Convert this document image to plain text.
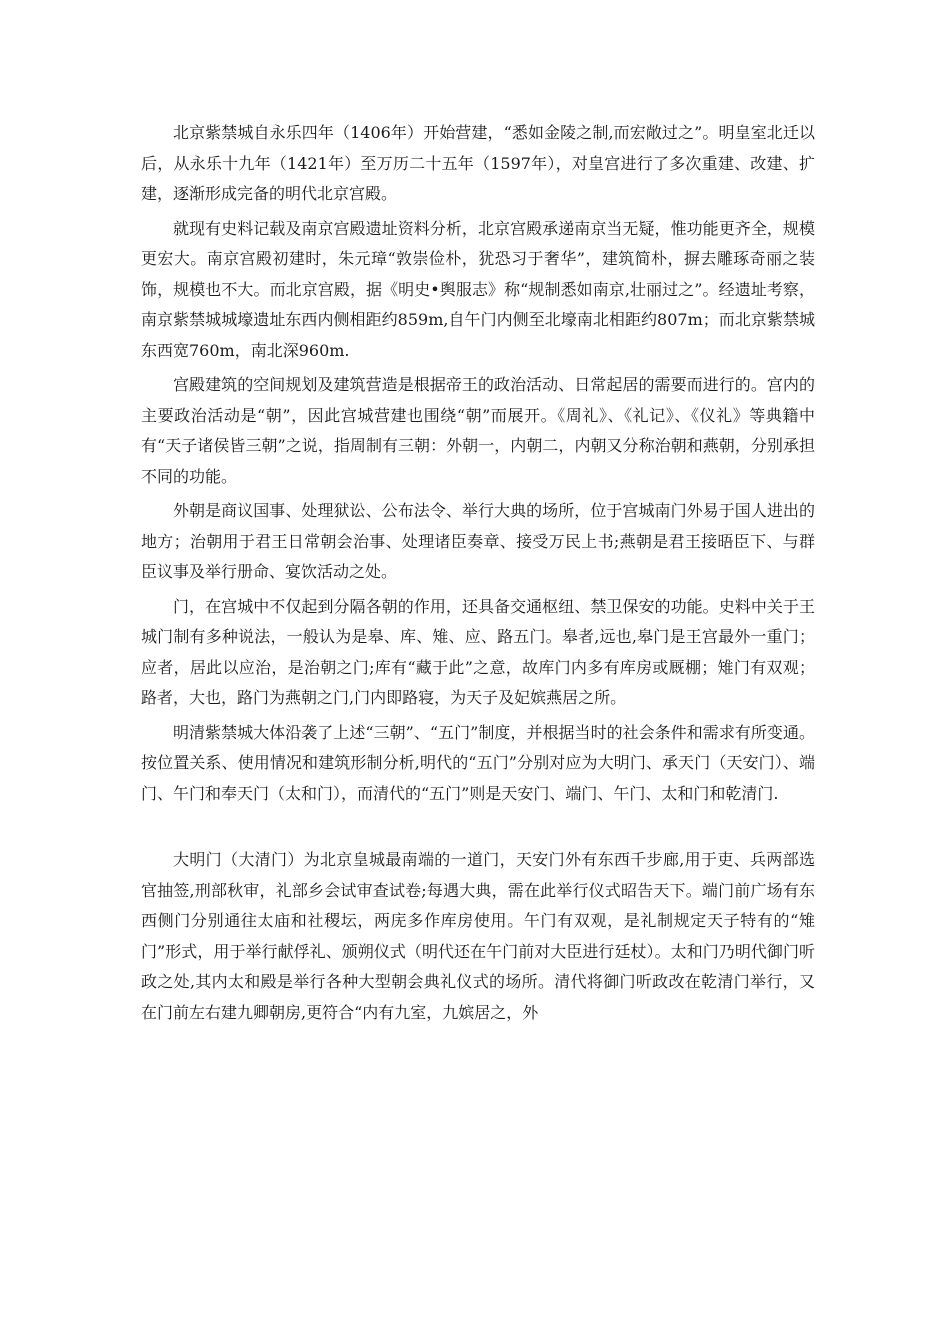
北京紫禁城自永乐四年（1406年）开始营建，“悉如金陵之制,而宏敞过之”。明皇室北迁以后，从永乐十九年（1421年）至万历二十五年（1597年），对皇宫进行了多次重建、改建、扩建，逐渐形成完备的明代北京宫殿。

就现有史料记载及南京宫殿遗址资料分析，北京宫殿承递南京当无疑，惟功能更齐全，规模更宏大。南京宫殿初建时，朱元璋“敦崇俭朴，犹恐习于奢华”，建筑简朴，摒去雕琢奇丽之装饰，规模也不大。而北京宫殿，据《明史•舆服志》称“规制悉如南京,壮丽过之”。经遗址考察，南京紫禁城城壕遗址东西内侧相距约859m,自午门内侧至北壕南北相距约807m；而北京紫禁城东西宽760m，南北深960m.

宫殿建筑的空间规划及建筑营造是根据帝王的政治活动、日常起居的需要而进行的。宫内的主要政治活动是“朝”，因此宫城营建也围绕“朝”而展开。《周礼》、《礼记》、《仪礼》等典籍中有“天子诸侯皆三朝”之说，指周制有三朝：外朝一，内朝二，内朝又分称治朝和燕朝，分别承担不同的功能。

外朝是商议国事、处理狱讼、公布法令、举行大典的场所，位于宫城南门外易于国人进出的地方；治朝用于君王日常朝会治事、处理诸臣奏章、接受万民上书;燕朝是君王接晤臣下、与群臣议事及举行册命、宴饮活动之处。

门，在宫城中不仅起到分隔各朝的作用，还具备交通枢纽、禁卫保安的功能。史料中关于王城门制有多种说法，一般认为是皋、库、雉、应、路五门。皋者,远也,皋门是王宫最外一重门；应者，居此以应治，是治朝之门;库有“藏于此”之意，故库门内多有库房或厩棚；雉门有双观；路者，大也，路门为燕朝之门,门内即路寝，为天子及妃嫔燕居之所。

明清紫禁城大体沿袭了上述“三朝”、“五门”制度，并根据当时的社会条件和需求有所变通。按位置关系、使用情况和建筑形制分析,明代的“五门”分别对应为大明门、承天门（天安门）、端门、午门和奉天门（太和门），而清代的“五门”则是天安门、端门、午门、太和门和乾清门.

大明门（大清门）为北京皇城最南端的一道门，天安门外有东西千步廊,用于吏、兵两部选官抽签,刑部秋审，礼部乡会试审查试卷;每遇大典，需在此举行仪式昭告天下。端门前广场有东西侧门分别通往太庙和社稷坛，两庑多作库房使用。午门有双观，是礼制规定天子特有的“雉门”形式，用于举行献俘礼、颁朔仪式（明代还在午门前对大臣进行廷杖）。太和门乃明代御门听政之处,其内太和殿是举行各种大型朝会典礼仪式的场所。清代将御门听政改在乾清门举行，又在门前左右建九卿朝房,更符合“内有九室，九嫔居之，外
